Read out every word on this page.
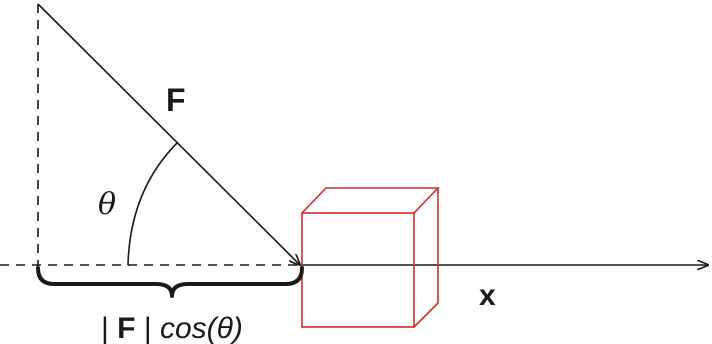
F
θ
x
| F | cos(θ)
